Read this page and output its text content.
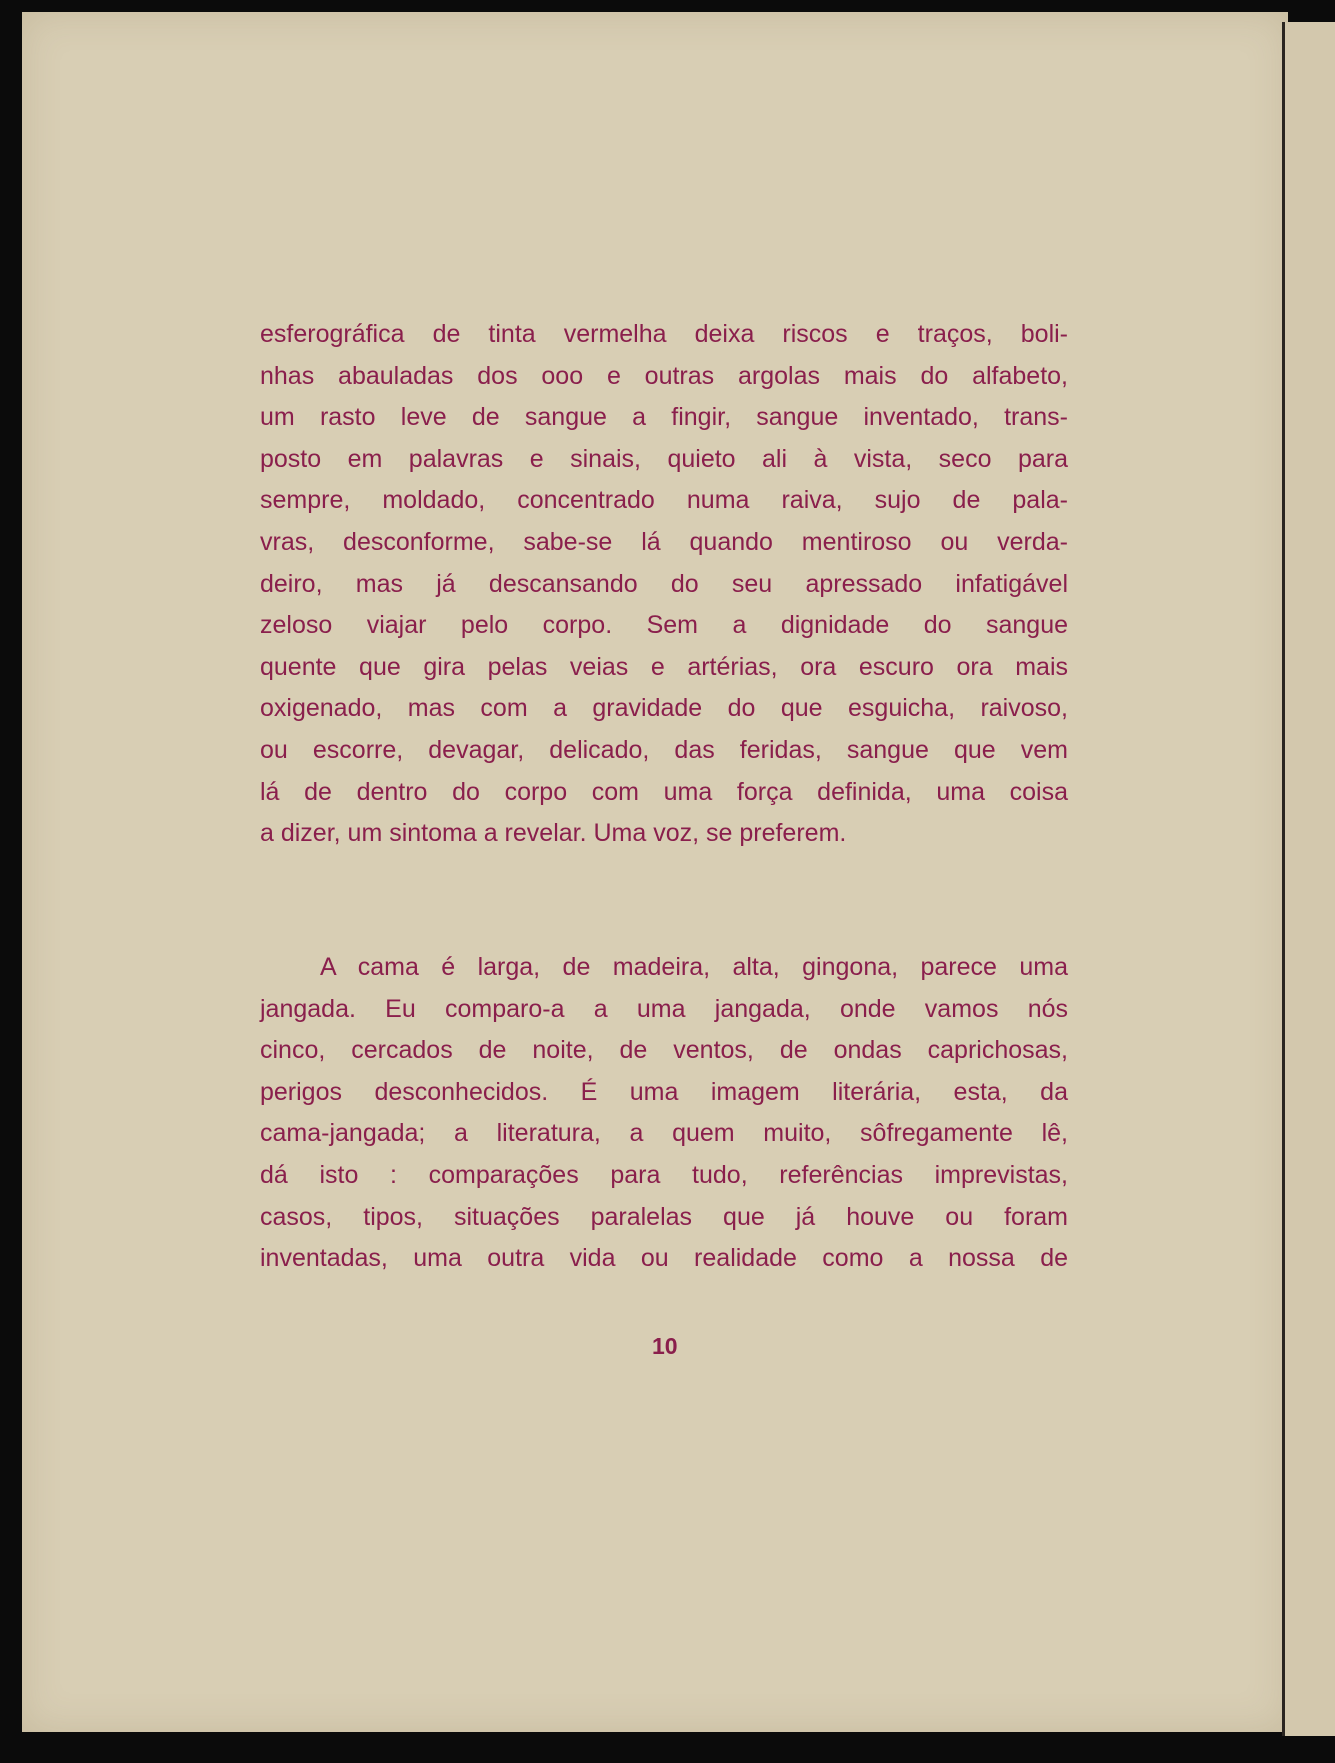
esferográfica de tinta vermelha deixa riscos e traços, boli-
nhas abauladas dos ooo e outras argolas mais do alfabeto,
um rasto leve de sangue a fingir, sangue inventado, trans-
posto em palavras e sinais, quieto ali à vista, seco para
sempre, moldado, concentrado numa raiva, sujo de pala-
vras, desconforme, sabe-se lá quando mentiroso ou verda-
deiro, mas já descansando do seu apressado infatigável
zeloso viajar pelo corpo. Sem a dignidade do sangue
quente que gira pelas veias e artérias, ora escuro ora mais
oxigenado, mas com a gravidade do que esguicha, raivoso,
ou escorre, devagar, delicado, das feridas, sangue que vem
lá de dentro do corpo com uma força definida, uma coisa
a dizer, um sintoma a revelar. Uma voz, se preferem.

A cama é larga, de madeira, alta, gingona, parece uma
jangada. Eu comparo-a a uma jangada, onde vamos nós
cinco, cercados de noite, de ventos, de ondas caprichosas,
perigos desconhecidos. É uma imagem literária, esta, da
cama-jangada; a literatura, a quem muito, sôfregamente lê,
dá isto : comparações para tudo, referências imprevistas,
casos, tipos, situações paralelas que já houve ou foram
inventadas, uma outra vida ou realidade como a nossa de

10
